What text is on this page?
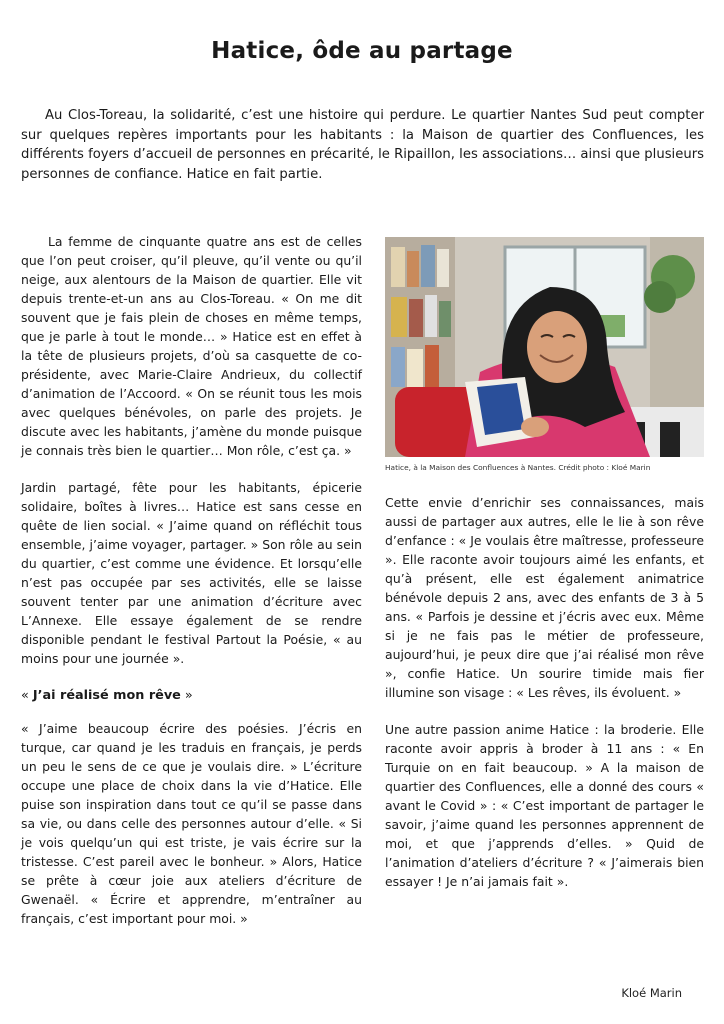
Hatice, ôde au partage

Au Clos-Toreau, la solidarité, c’est une histoire qui perdure. Le quartier Nantes Sud peut compter sur quelques repères importants pour les habitants : la Maison de quartier des Confluences, les différents foyers d’accueil de personnes en précarité, le Ripaillon, les associations… ainsi que plusieurs personnes de confiance. Hatice en fait partie.

La femme de cinquante quatre ans est de celles que l’on peut croiser, qu’il pleuve, qu’il vente ou qu’il neige, aux alentours de la Maison de quartier. Elle vit depuis trente-et-un ans au Clos-Toreau. « On me dit souvent que je fais plein de choses en même temps, que je parle à tout le monde… » Hatice est en effet à la tête de plusieurs projets, d’où sa casquette de co-présidente, avec Marie-Claire Andrieux, du collectif d’animation de l’Accoord. « On se réunit tous les mois avec quelques bénévoles, on parle des projets. Je discute avec les habitants, j’amène du monde puisque je connais très bien le quartier… Mon rôle, c’est ça. »

Jardin partagé, fête pour les habitants, épicerie solidaire, boîtes à livres… Hatice est sans cesse en quête de lien social. « J’aime quand on réfléchit tous ensemble, j’aime voyager, partager. » Son rôle au sein du quartier, c’est comme une évidence. Et lorsqu’elle n’est pas occupée par ses activités, elle se laisse souvent tenter par une animation d’écriture avec L’Annexe. Elle essaye également de se rendre disponible pendant le festival Partout la Poésie, « au moins pour une journée ».

« J’ai réalisé mon rêve »

« J’aime beaucoup écrire des poésies. J’écris en turque, car quand je les traduis en français, je perds un peu le sens de ce que je voulais dire. » L’écriture occupe une place de choix dans la vie d’Hatice. Elle puise son inspiration dans tout ce qu’il se passe dans sa vie, ou dans celle des personnes autour d’elle. « Si je vois quelqu’un qui est triste, je vais écrire sur la tristesse. C’est pareil avec le bonheur. » Alors, Hatice se prête à cœur joie aux ateliers d’écriture de Gwenaël. « Écrire et apprendre, m’entraîner au français, c’est important pour moi. »

Hatice, à la Maison des Confluences à Nantes. Crédit photo : Kloé Marin

Cette envie d’enrichir ses connaissances, mais aussi de partager aux autres, elle le lie à son rêve d’enfance : « Je voulais être maîtresse, professeure ». Elle raconte avoir toujours aimé les enfants, et qu’à présent, elle est également animatrice bénévole depuis 2 ans, avec des enfants de 3 à 5 ans. « Parfois je dessine et j’écris avec eux. Même si je ne fais pas le métier de professeure, aujourd’hui, je peux dire que j’ai réalisé mon rêve », confie Hatice. Un sourire timide mais fier illumine son visage : « Les rêves, ils évoluent. »

Une autre passion anime Hatice : la broderie. Elle raconte avoir appris à broder à 11 ans : « En Turquie on en fait beaucoup. » A la maison de quartier des Confluences, elle a donné des cours « avant le Covid » : « C’est important de partager le savoir, j’aime quand les personnes apprennent de moi, et que j’apprends d’elles. » Quid de l’animation d’ateliers d’écriture ? « J’aimerais bien essayer ! Je n’ai jamais fait ».

Kloé Marin
